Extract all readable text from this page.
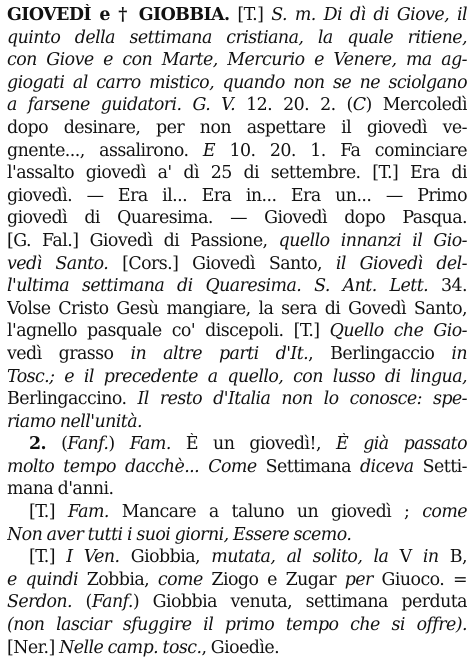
GIOVEDÌ e † GIOBBIA. [T.] S. m. Di dì di Giove, il
quinto della settimana cristiana, la quale ritiene,
con Giove e con Marte, Mercurio e Venere, ma ag-
giogati al carro mistico, quando non se ne sciolgano
a farsene guidatori. G. V. 12. 20. 2. (C) Mercoledì
dopo desinare, per non aspettare il giovedì ve-
gnente..., assalirono. E 10. 20. 1. Fa cominciare
l'assalto giovedì a' dì 25 di settembre. [T.] Era di
giovedì. — Era il... Era in... Era un... — Primo
giovedì di Quaresima. — Giovedì dopo Pasqua.
[G. Fal.] Giovedì di Passione, quello innanzi il Gio-
vedì Santo. [Cors.] Giovedì Santo, il Giovedì del-
l'ultima settimana di Quaresima. S. Ant. Lett. 34.
Volse Cristo Gesù mangiare, la sera di Govedì Santo,
l'agnello pasquale co' discepoli. [T.] Quello che Gio-
vedì grasso in altre parti d'It., Berlingaccio in
Tosc.; e il precedente a quello, con lusso di lingua,
Berlingaccino. Il resto d'Italia non lo conosce: spe-
riamo nell'unità.
2. (Fanf.) Fam. È un giovedì!, È già passato
molto tempo dacchè... Come Settimana diceva Setti-
mana d'anni.
[T.] Fam. Mancare a taluno un giovedì ; come
Non aver tutti i suoi giorni, Essere scemo.
[T.] I Ven. Giobbia, mutata, al solito, la V in B,
e quindi Zobbia, come Ziogo e Zugar per Giuoco. =
Serdon. (Fanf.) Giobbia venuta, settimana perduta
(non lasciar sfuggire il primo tempo che si offre).
[Ner.] Nelle camp. tosc., Gioedìe.
